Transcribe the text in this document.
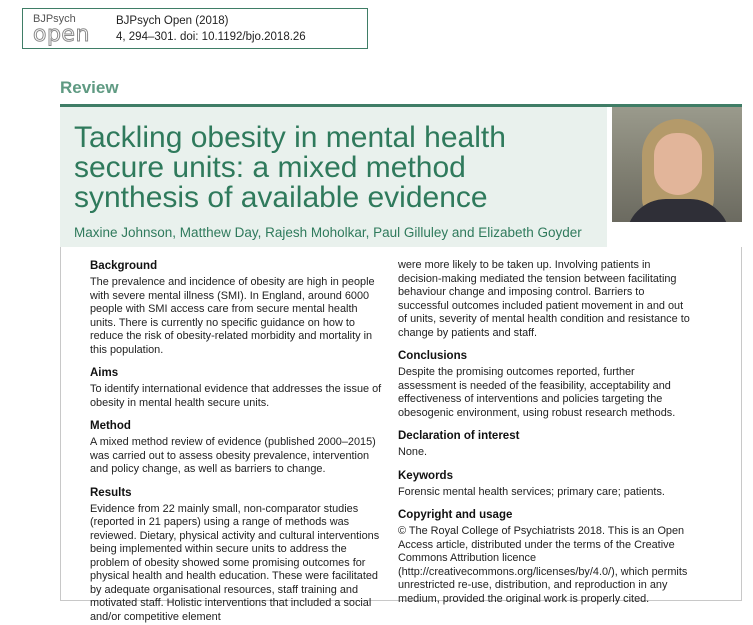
BJPsych
open
BJPsych Open (2018)
4, 294–301. doi: 10.1192/bjo.2018.26
Review
Tackling obesity in mental health secure units: a mixed method synthesis of available evidence
Maxine Johnson, Matthew Day, Rajesh Moholkar, Paul Gilluley and Elizabeth Goyder
Background

The prevalence and incidence of obesity are high in people with severe mental illness (SMI). In England, around 6000 people with SMI access care from secure mental health units. There is currently no specific guidance on how to reduce the risk of obesity-related morbidity and mortality in this population.

Aims

To identify international evidence that addresses the issue of obesity in mental health secure units.

Method

A mixed method review of evidence (published 2000–2015) was carried out to assess obesity prevalence, intervention and policy change, as well as barriers to change.

Results

Evidence from 22 mainly small, non-comparator studies (reported in 21 papers) using a range of methods was reviewed. Dietary, physical activity and cultural interventions being implemented within secure units to address the problem of obesity showed some promising outcomes for physical health and health education. These were facilitated by adequate organisational resources, staff training and motivated staff. Holistic interventions that included a social and/or competitive element

were more likely to be taken up. Involving patients in decision-making mediated the tension between facilitating behaviour change and imposing control. Barriers to successful outcomes included patient movement in and out of units, severity of mental health condition and resistance to change by patients and staff.

Conclusions

Despite the promising outcomes reported, further assessment is needed of the feasibility, acceptability and effectiveness of interventions and policies targeting the obesogenic environment, using robust research methods.

Declaration of interest

None.

Keywords

Forensic mental health services; primary care; patients.

Copyright and usage

© The Royal College of Psychiatrists 2018. This is an Open Access article, distributed under the terms of the Creative Commons Attribution licence (http://creativecommons.org/licenses/by/4.0/), which permits unrestricted re-use, distribution, and reproduction in any medium, provided the original work is properly cited.
